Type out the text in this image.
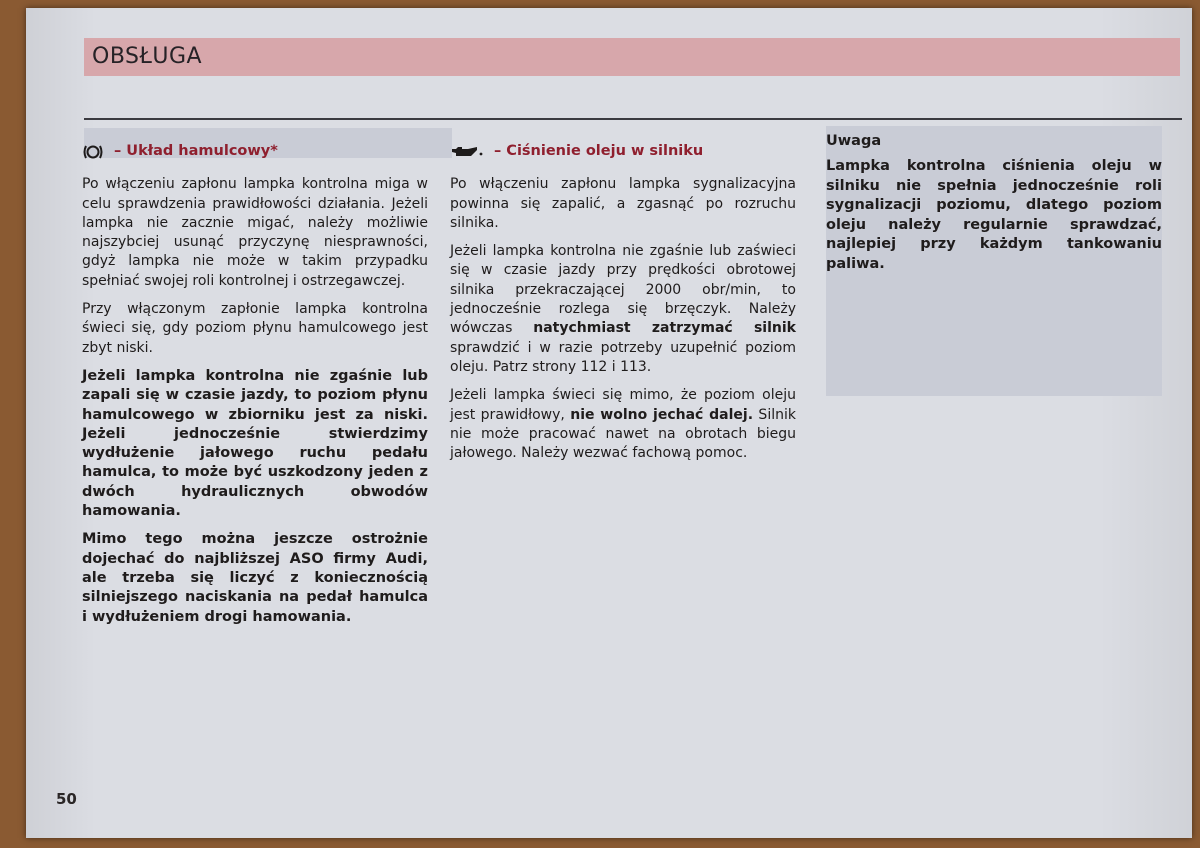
OBSŁUGA
– Układ hamulcowy*

Po włączeniu zapłonu lampka kontrolna miga w celu sprawdzenia prawidłowości działania. Jeżeli lampka nie zacznie migać, należy możliwie najszybciej usunąć przyczynę niesprawności, gdyż lampka nie może w takim przypadku spełniać swojej roli kontrolnej i ostrzegawczej.

Przy włączonym zapłonie lampka kontrolna świeci się, gdy poziom płynu hamulcowego jest zbyt niski.

Jeżeli lampka kontrolna nie zgaśnie lub zapali się w czasie jazdy, to poziom płynu hamulcowego w zbiorniku jest za niski. Jeżeli jednocześnie stwierdzimy wydłużenie jałowego ruchu pedału hamulca, to może być uszkodzony jeden z dwóch hydraulicznych obwodów hamowania.

Mimo tego można jeszcze ostrożnie dojechać do najbliższej ASO firmy Audi, ale trzeba się liczyć z koniecznością silniejszego naciskania na pedał hamulca i wydłużeniem drogi hamowania.

– Ciśnienie oleju w silniku

Po włączeniu zapłonu lampka sygnalizacyjna powinna się zapalić, a zgasnąć po rozruchu silnika.

Jeżeli lampka kontrolna nie zgaśnie lub zaświeci się w czasie jazdy przy prędkości obrotowej silnika przekraczającej 2000 obr/min, to jednocześnie rozlega się brzęczyk. Należy wówczas natychmiast zatrzymać silnik sprawdzić i w razie potrzeby uzupełnić poziom oleju. Patrz strony 112 i 113.

Jeżeli lampka świeci się mimo, że poziom oleju jest prawidłowy, nie wolno jechać dalej. Silnik nie może pracować nawet na obrotach biegu jałowego. Należy wezwać fachową pomoc.

Uwaga

Lampka kontrolna ciśnienia oleju w silniku nie spełnia jednocześnie roli sygnalizacji poziomu, dlatego poziom oleju należy regularnie sprawdzać, najlepiej przy każdym tankowaniu paliwa.

50
